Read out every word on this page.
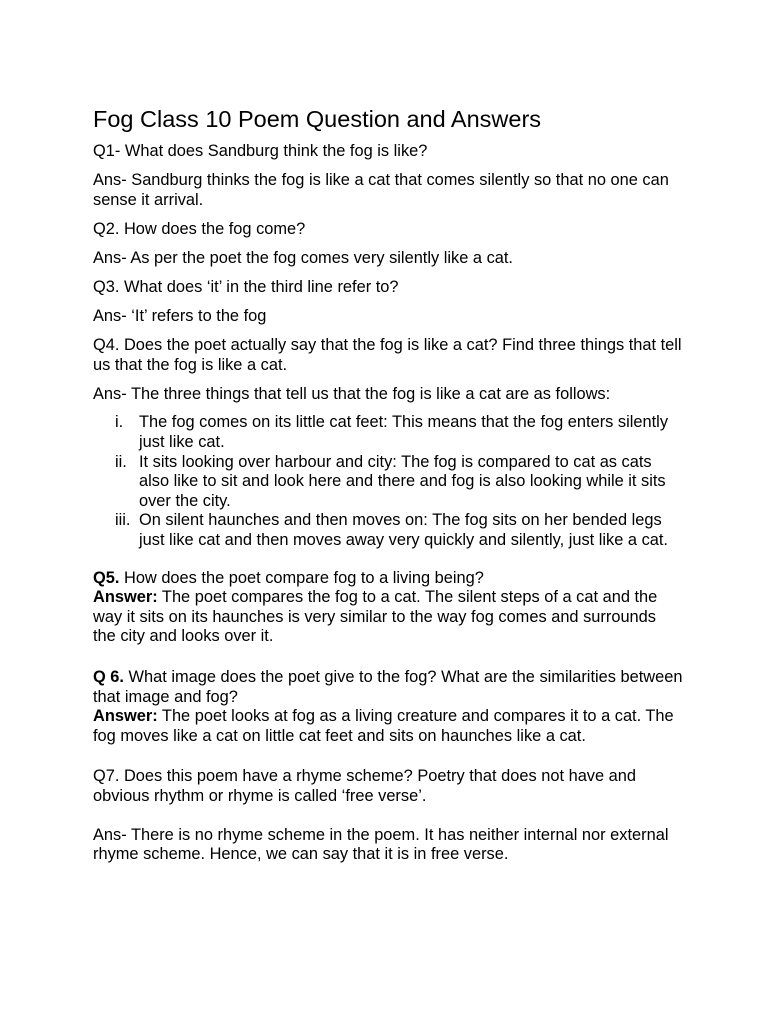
Fog Class 10 Poem Question and Answers

Q1- What does Sandburg think the fog is like?

Ans- Sandburg thinks the fog is like a cat that comes silently so that no one can sense it arrival.

Q2. How does the fog come?

Ans- As per the poet the fog comes very silently like a cat.

Q3. What does ‘it’ in the third line refer to?

Ans- ‘It’ refers to the fog

Q4. Does the poet actually say that the fog is like a cat? Find three things that tell us that the fog is like a cat.

Ans- The three things that tell us that the fog is like a cat are as follows:

i. The fog comes on its little cat feet: This means that the fog enters silently just like cat.
ii. It sits looking over harbour and city: The fog is compared to cat as cats also like to sit and look here and there and fog is also looking while it sits over the city.
iii. On silent haunches and then moves on: The fog sits on her bended legs just like cat and then moves away very quickly and silently, just like a cat.

Q5. How does the poet compare fog to a living being?

Answer: The poet compares the fog to a cat. The silent steps of a cat and the way it sits on its haunches is very similar to the way fog comes and surrounds the city and looks over it.

Q 6. What image does the poet give to the fog? What are the similarities between that image and fog?

Answer: The poet looks at fog as a living creature and compares it to a cat. The fog moves like a cat on little cat feet and sits on haunches like a cat.

Q7. Does this poem have a rhyme scheme? Poetry that does not have and obvious rhythm or rhyme is called ‘free verse’.

Ans- There is no rhyme scheme in the poem. It has neither internal nor external rhyme scheme. Hence, we can say that it is in free verse.
